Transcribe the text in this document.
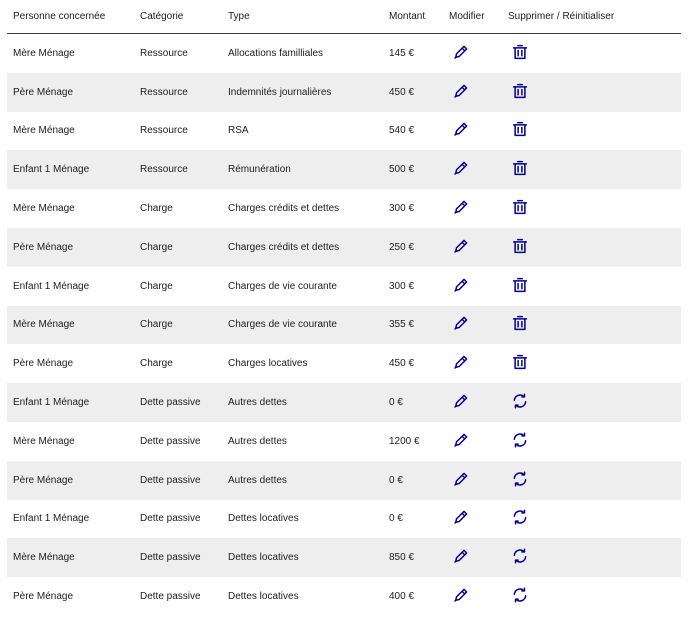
Personne concernée	Catégorie	Type	Montant	Modifier	Supprimer / Réinitialiser
Mère Ménage	Ressource	Allocations familliales	145 €		
Père Ménage	Ressource	Indemnités journalières	450 €		
Mère Ménage	Ressource	RSA	540 €		
Enfant 1 Ménage	Ressource	Rémunération	500 €		
Mère Ménage	Charge	Charges crédits et dettes	300 €		
Père Ménage	Charge	Charges crédits et dettes	250 €		
Enfant 1 Ménage	Charge	Charges de vie courante	300 €		
Mère Ménage	Charge	Charges de vie courante	355 €		
Père Ménage	Charge	Charges locatives	450 €		
Enfant 1 Ménage	Dette passive	Autres dettes	0 €		
Mère Ménage	Dette passive	Autres dettes	1200 €		
Père Ménage	Dette passive	Autres dettes	0 €		
Enfant 1 Ménage	Dette passive	Dettes locatives	0 €		
Mère Ménage	Dette passive	Dettes locatives	850 €		
Père Ménage	Dette passive	Dettes locatives	400 €		
